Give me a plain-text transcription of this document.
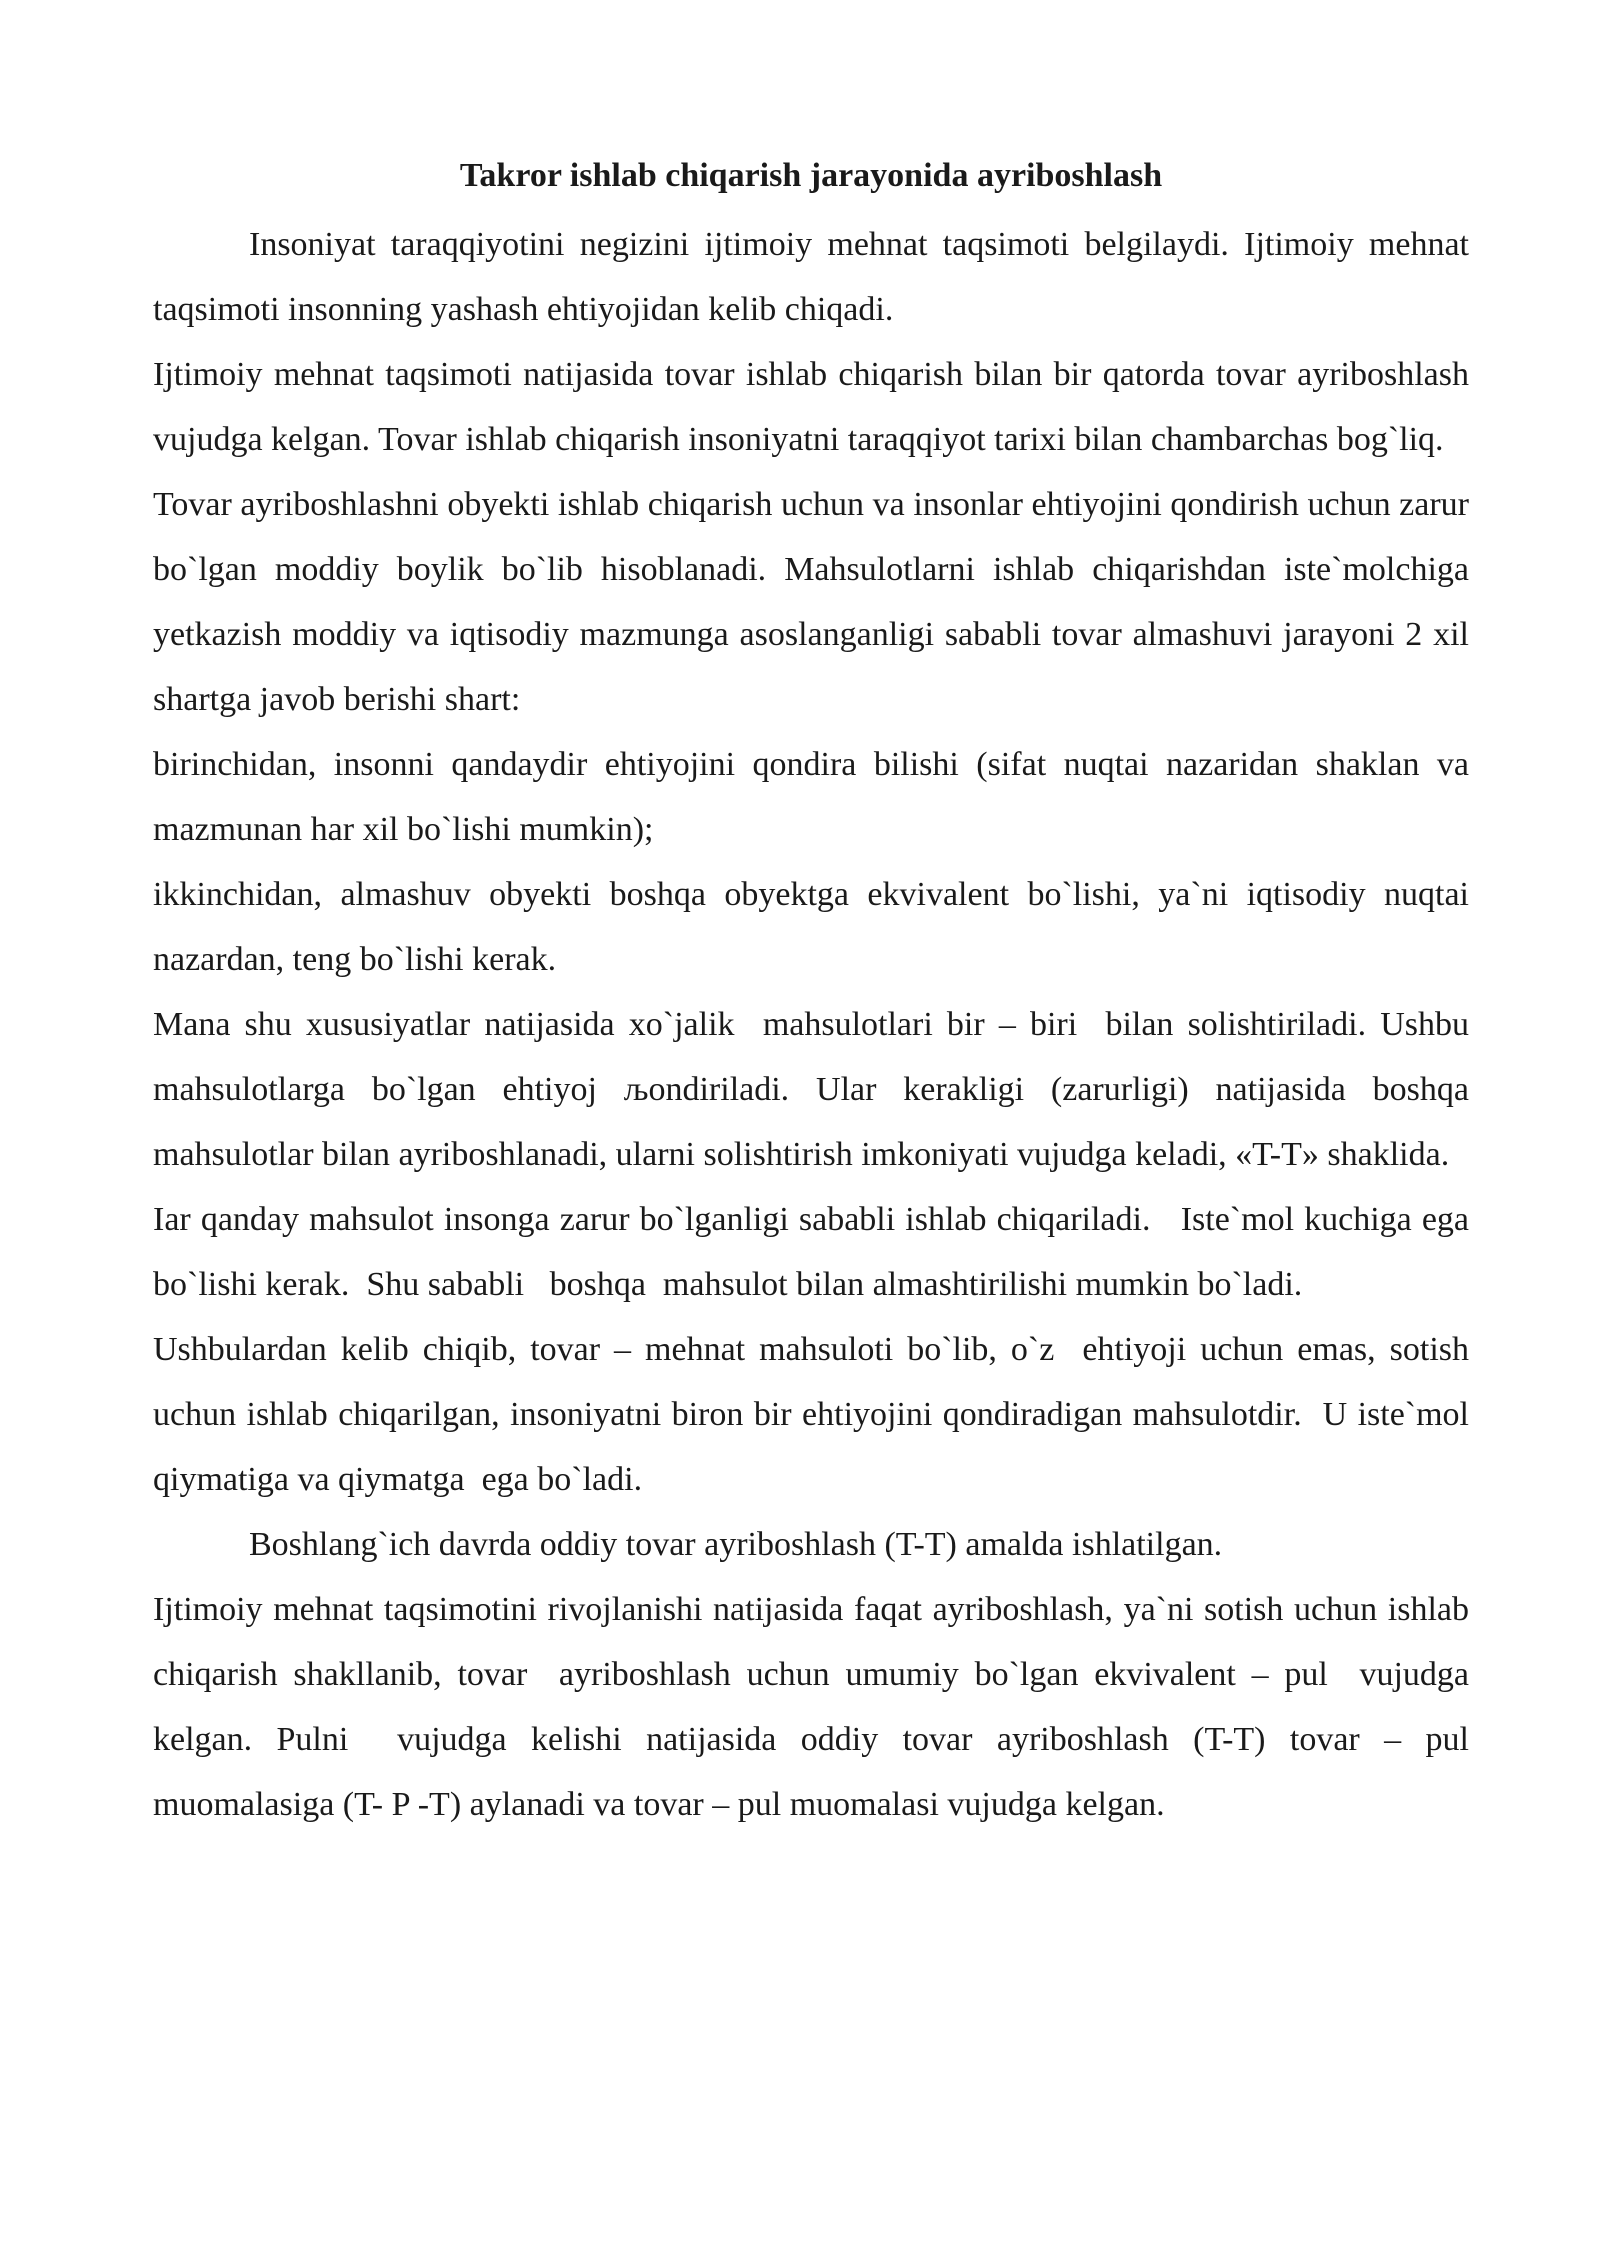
Takror ishlab chiqarish jarayonida ayriboshlash

Insoniyat taraqqiyotini negizini ijtimoiy mehnat taqsimoti belgilaydi. Ijtimoiy mehnat taqsimoti insonning yashash ehtiyojidan kelib chiqadi.

Ijtimoiy mehnat taqsimoti natijasida tovar ishlab chiqarish bilan bir qatorda tovar ayriboshlash vujudga kelgan. Tovar ishlab chiqarish insoniyatni taraqqiyot tarixi bilan chambarchas bog`liq.

Tovar ayriboshlashni obyekti ishlab chiqarish uchun va insonlar ehtiyojini qondirish uchun zarur bo`lgan moddiy boylik bo`lib hisoblanadi. Mahsulotlarni ishlab chiqarishdan iste`molchiga yetkazish moddiy va iqtisodiy mazmunga asoslanganligi sababli tovar almashuvi jarayoni 2 xil shartga javob berishi shart:

birinchidan, insonni qandaydir ehtiyojini qondira bilishi (sifat nuqtai nazaridan shaklan va mazmunan har xil bo`lishi mumkin);

ikkinchidan, almashuv obyekti boshqa obyektga ekvivalent bo`lishi, ya`ni iqtisodiy nuqtai nazardan, teng bo`lishi kerak.

Mana shu xususiyatlar natijasida xo`jalik  mahsulotlari bir – biri  bilan solishtiriladi. Ushbu mahsulotlarga bo`lgan ehtiyoj љondiriladi. Ular kerakligi (zarurligi) natijasida boshqa mahsulotlar bilan ayriboshlanadi, ularni solishtirish imkoniyati vujudga keladi, «T-T» shaklida.

Iar qanday mahsulot insonga zarur bo`lganligi sababli ishlab chiqariladi.   Iste`mol kuchiga ega bo`lishi kerak.  Shu sababli   boshqa  mahsulot bilan almashtirilishi mumkin bo`ladi.

Ushbulardan kelib chiqib, tovar – mehnat mahsuloti bo`lib, o`z  ehtiyoji uchun emas, sotish uchun ishlab chiqarilgan, insoniyatni biron bir ehtiyojini qondiradigan mahsulotdir.  U iste`mol qiymatiga va qiymatga  ega bo`ladi.

Boshlang`ich davrda oddiy tovar ayriboshlash (T-T) amalda ishlatilgan.

Ijtimoiy mehnat taqsimotini rivojlanishi natijasida faqat ayriboshlash, ya`ni sotish uchun ishlab chiqarish shakllanib, tovar  ayriboshlash uchun umumiy bo`lgan ekvivalent – pul  vujudga kelgan. Pulni  vujudga kelishi natijasida oddiy tovar ayriboshlash (T-T) tovar – pul  muomalasiga (T- P -T) aylanadi va tovar – pul muomalasi vujudga kelgan.
